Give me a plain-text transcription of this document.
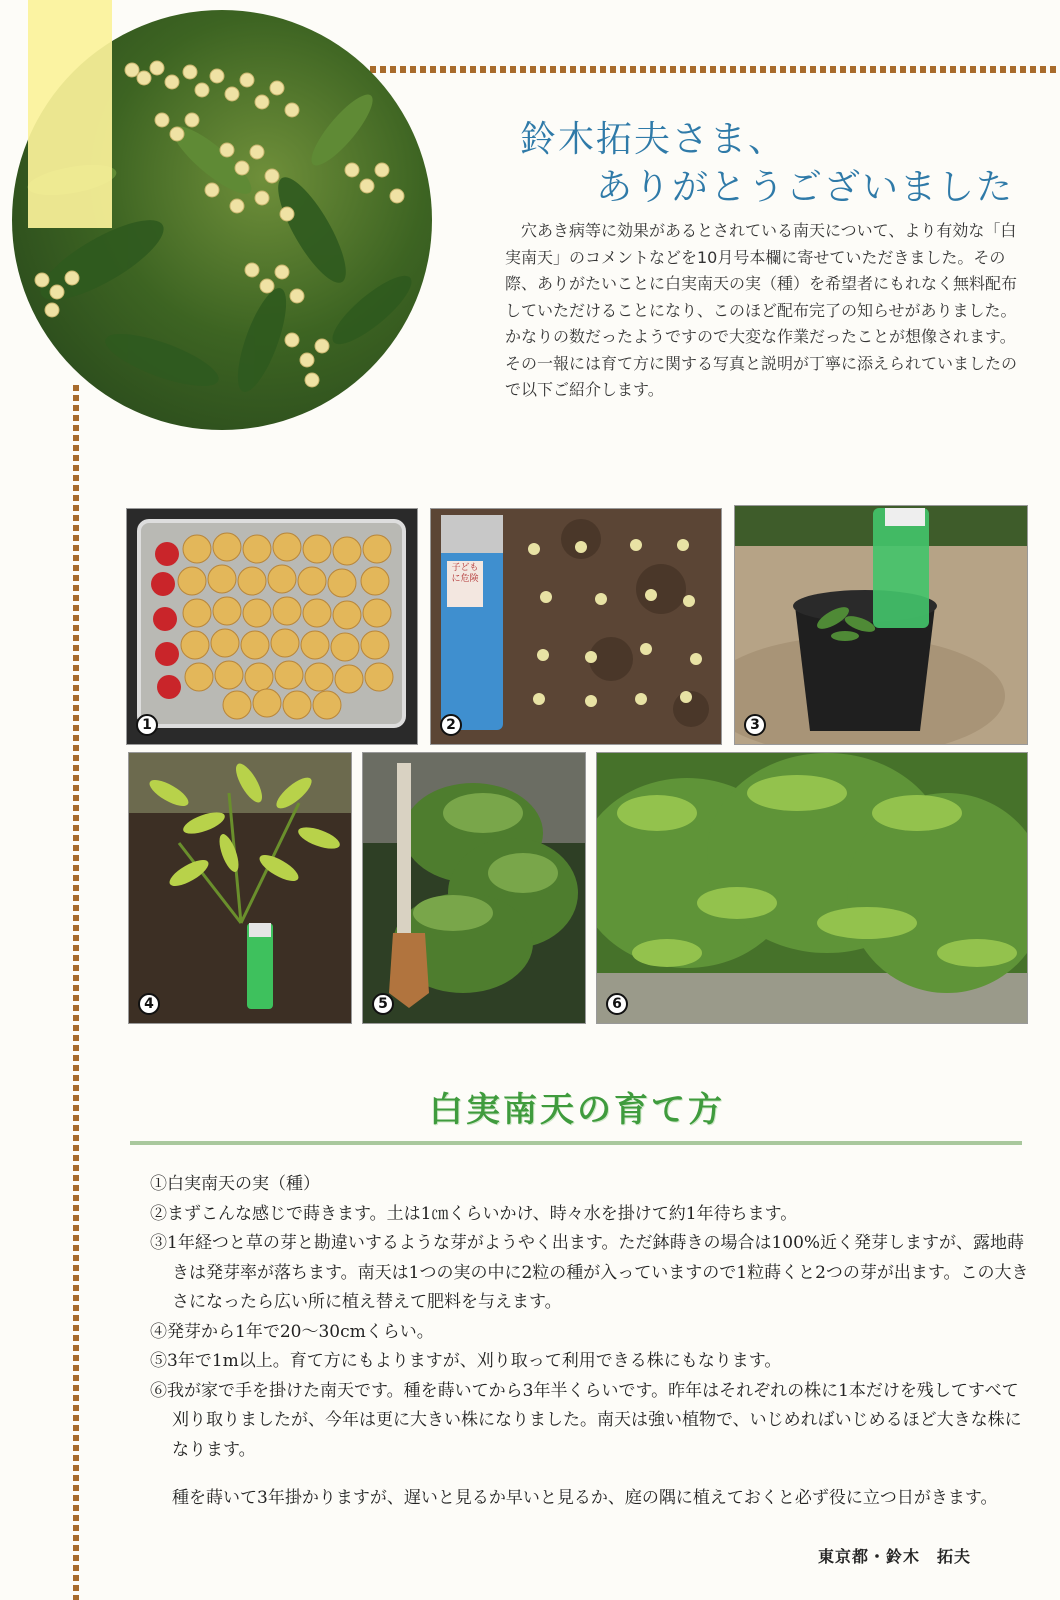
鈴木拓夫さま、
ありがとうございました

穴あき病等に効果があるとされている南天について、より有効な「白実南天」のコメントなどを10月号本欄に寄せていただきました。その際、ありがたいことに白実南天の実（種）を希望者にもれなく無料配布していただけることになり、このほど配布完了の知らせがありました。かなりの数だったようですので大変な作業だったことが想像されます。その一報には育て方に関する写真と説明が丁寧に添えられていましたので以下ご紹介します。

1
子どもに危険
2	3
4	5	6
白実南天の育て方
①白実南天の実（種）
②まずこんな感じで蒔きます。土は1㎝くらいかけ、時々水を掛けて約1年待ちます。
③1年経つと草の芽と勘違いするような芽がようやく出ます。ただ鉢蒔きの場合は100%近く発芽しますが、露地蒔きは発芽率が落ちます。南天は1つの実の中に2粒の種が入っていますので1粒蒔くと2つの芽が出ます。この大きさになったら広い所に植え替えて肥料を与えます。
④発芽から1年で20～30cmくらい。
⑤3年で1m以上。育て方にもよりますが、刈り取って利用できる株にもなります。
⑥我が家で手を掛けた南天です。種を蒔いてから3年半くらいです。昨年はそれぞれの株に1本だけを残してすべて刈り取りましたが、今年は更に大きい株になりました。南天は強い植物で、いじめればいじめるほど大きな株になります。

種を蒔いて3年掛かりますが、遅いと見るか早いと見るか、庭の隅に植えておくと必ず役に立つ日がきます。

東京都・鈴木　拓夫
